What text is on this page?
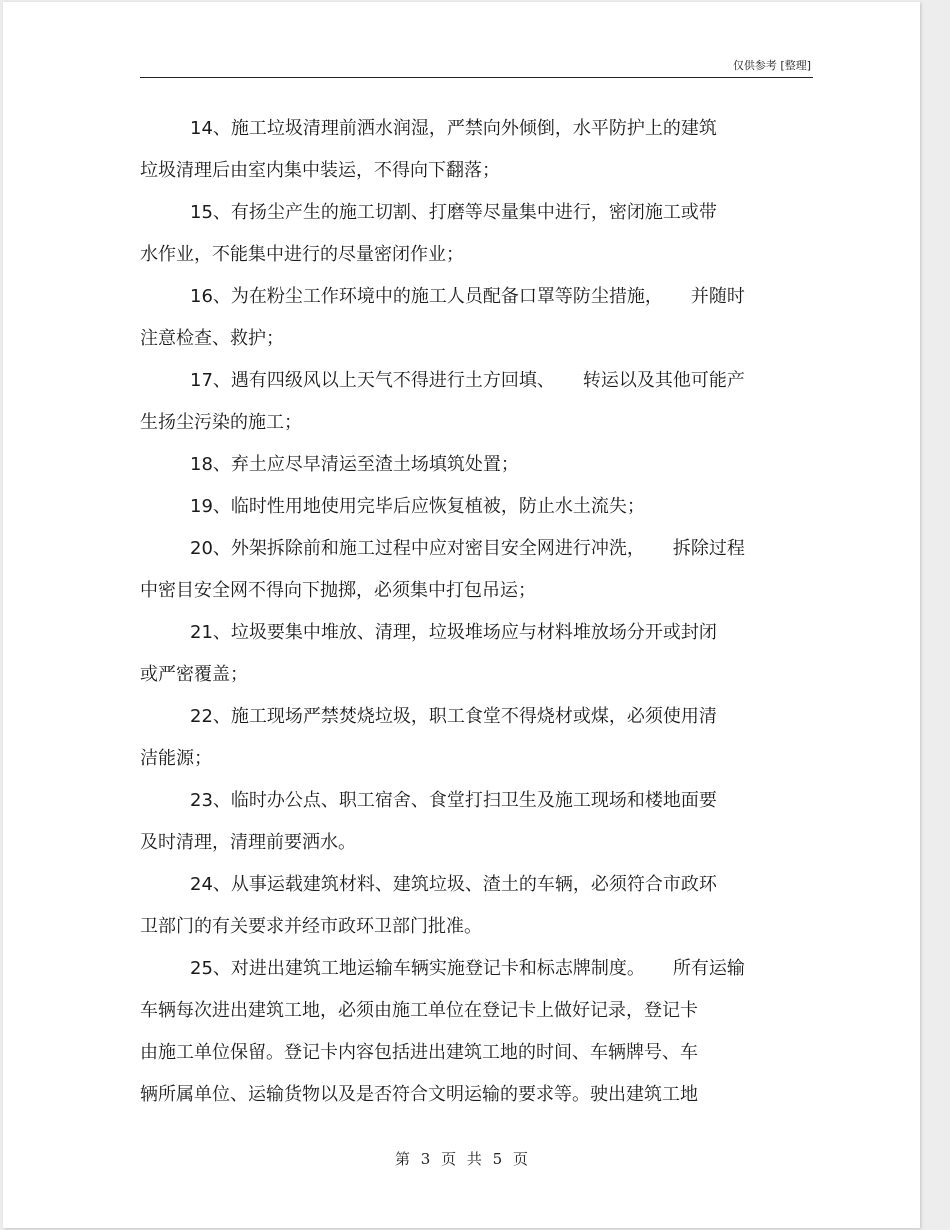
仅供参考 [整理]
14、施工垃圾清理前洒水润湿，严禁向外倾倒，水平防护上的建筑
垃圾清理后由室内集中装运，不得向下翻落；
15、有扬尘产生的施工切割、打磨等尽量集中进行，密闭施工或带
水作业，不能集中进行的尽量密闭作业；
16、为在粉尘工作环境中的施工人员配备口罩等防尘措施， 并随时
注意检查、救护；
17、遇有四级风以上天气不得进行土方回填、 转运以及其他可能产
生扬尘污染的施工；
18、弃土应尽早清运至渣土场填筑处置；
19、临时性用地使用完毕后应恢复植被，防止水土流失；
20、外架拆除前和施工过程中应对密目安全网进行冲洗， 拆除过程
中密目安全网不得向下抛掷，必须集中打包吊运；
21、垃圾要集中堆放、清理，垃圾堆场应与材料堆放场分开或封闭
或严密覆盖；
22、施工现场严禁焚烧垃圾，职工食堂不得烧材或煤，必须使用清
洁能源；
23、临时办公点、职工宿舍、食堂打扫卫生及施工现场和楼地面要
及时清理，清理前要洒水。
24、从事运载建筑材料、建筑垃圾、渣土的车辆，必须符合市政环
卫部门的有关要求并经市政环卫部门批准。
25、对进出建筑工地运输车辆实施登记卡和标志牌制度。 所有运输
车辆每次进出建筑工地，必须由施工单位在登记卡上做好记录，登记卡
由施工单位保留。登记卡内容包括进出建筑工地的时间、车辆牌号、车
辆所属单位、运输货物以及是否符合文明运输的要求等。驶出建筑工地
第 3 页 共 5 页
